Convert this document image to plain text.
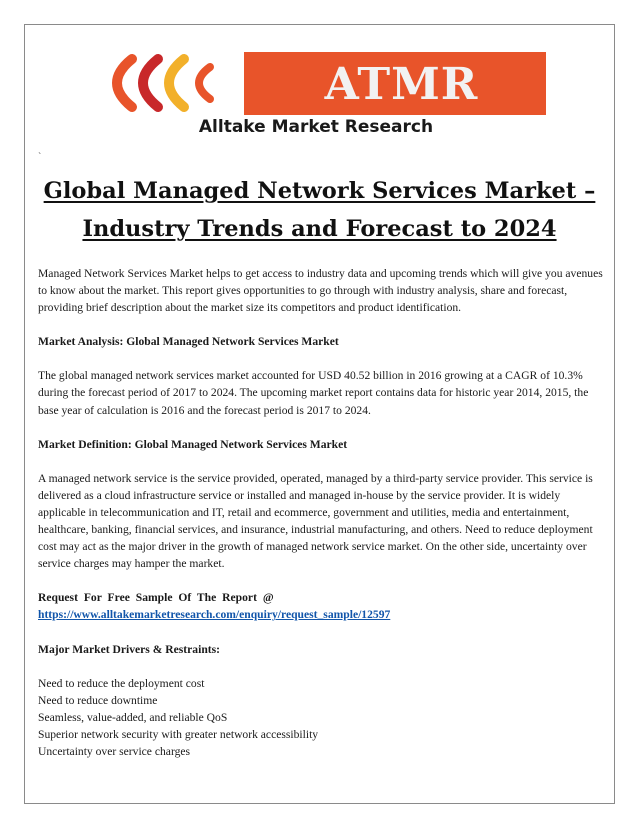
ATMR
Alltake Market Research
`
Global Managed Network Services Market – Industry Trends and Forecast to 2024

Managed Network Services Market helps to get access to industry data and upcoming trends which will give you avenues to know about the market. This report gives opportunities to go through with industry analysis, share and forecast, providing brief description about the market size its competitors and product identification.

Market Analysis: Global Managed Network Services Market

The global managed network services market accounted for USD 40.52 billion in 2016 growing at a CAGR of 10.3% during the forecast period of 2017 to 2024. The upcoming market report contains data for historic year 2014, 2015, the base year of calculation is 2016 and the forecast period is 2017 to 2024.

Market Definition: Global Managed Network Services Market

A managed network service is the service provided, operated, managed by a third-party service provider. This service is delivered as a cloud infrastructure service or installed and managed in-house by the service provider. It is widely applicable in telecommunication and IT, retail and ecommerce, government and utilities, media and entertainment, healthcare, banking, financial services, and insurance, industrial manufacturing, and others. Need to reduce deployment cost may act as the major driver in the growth of managed network service market. On the other side, uncertainty over service charges may hamper the market.

Request For Free Sample Of The Report @

https://www.alltakemarketresearch.com/enquiry/request_sample/12597

Major Market Drivers & Restraints:

Need to reduce the deployment cost

Need to reduce downtime

Seamless, value-added, and reliable QoS

Superior network security with greater network accessibility

Uncertainty over service charges
